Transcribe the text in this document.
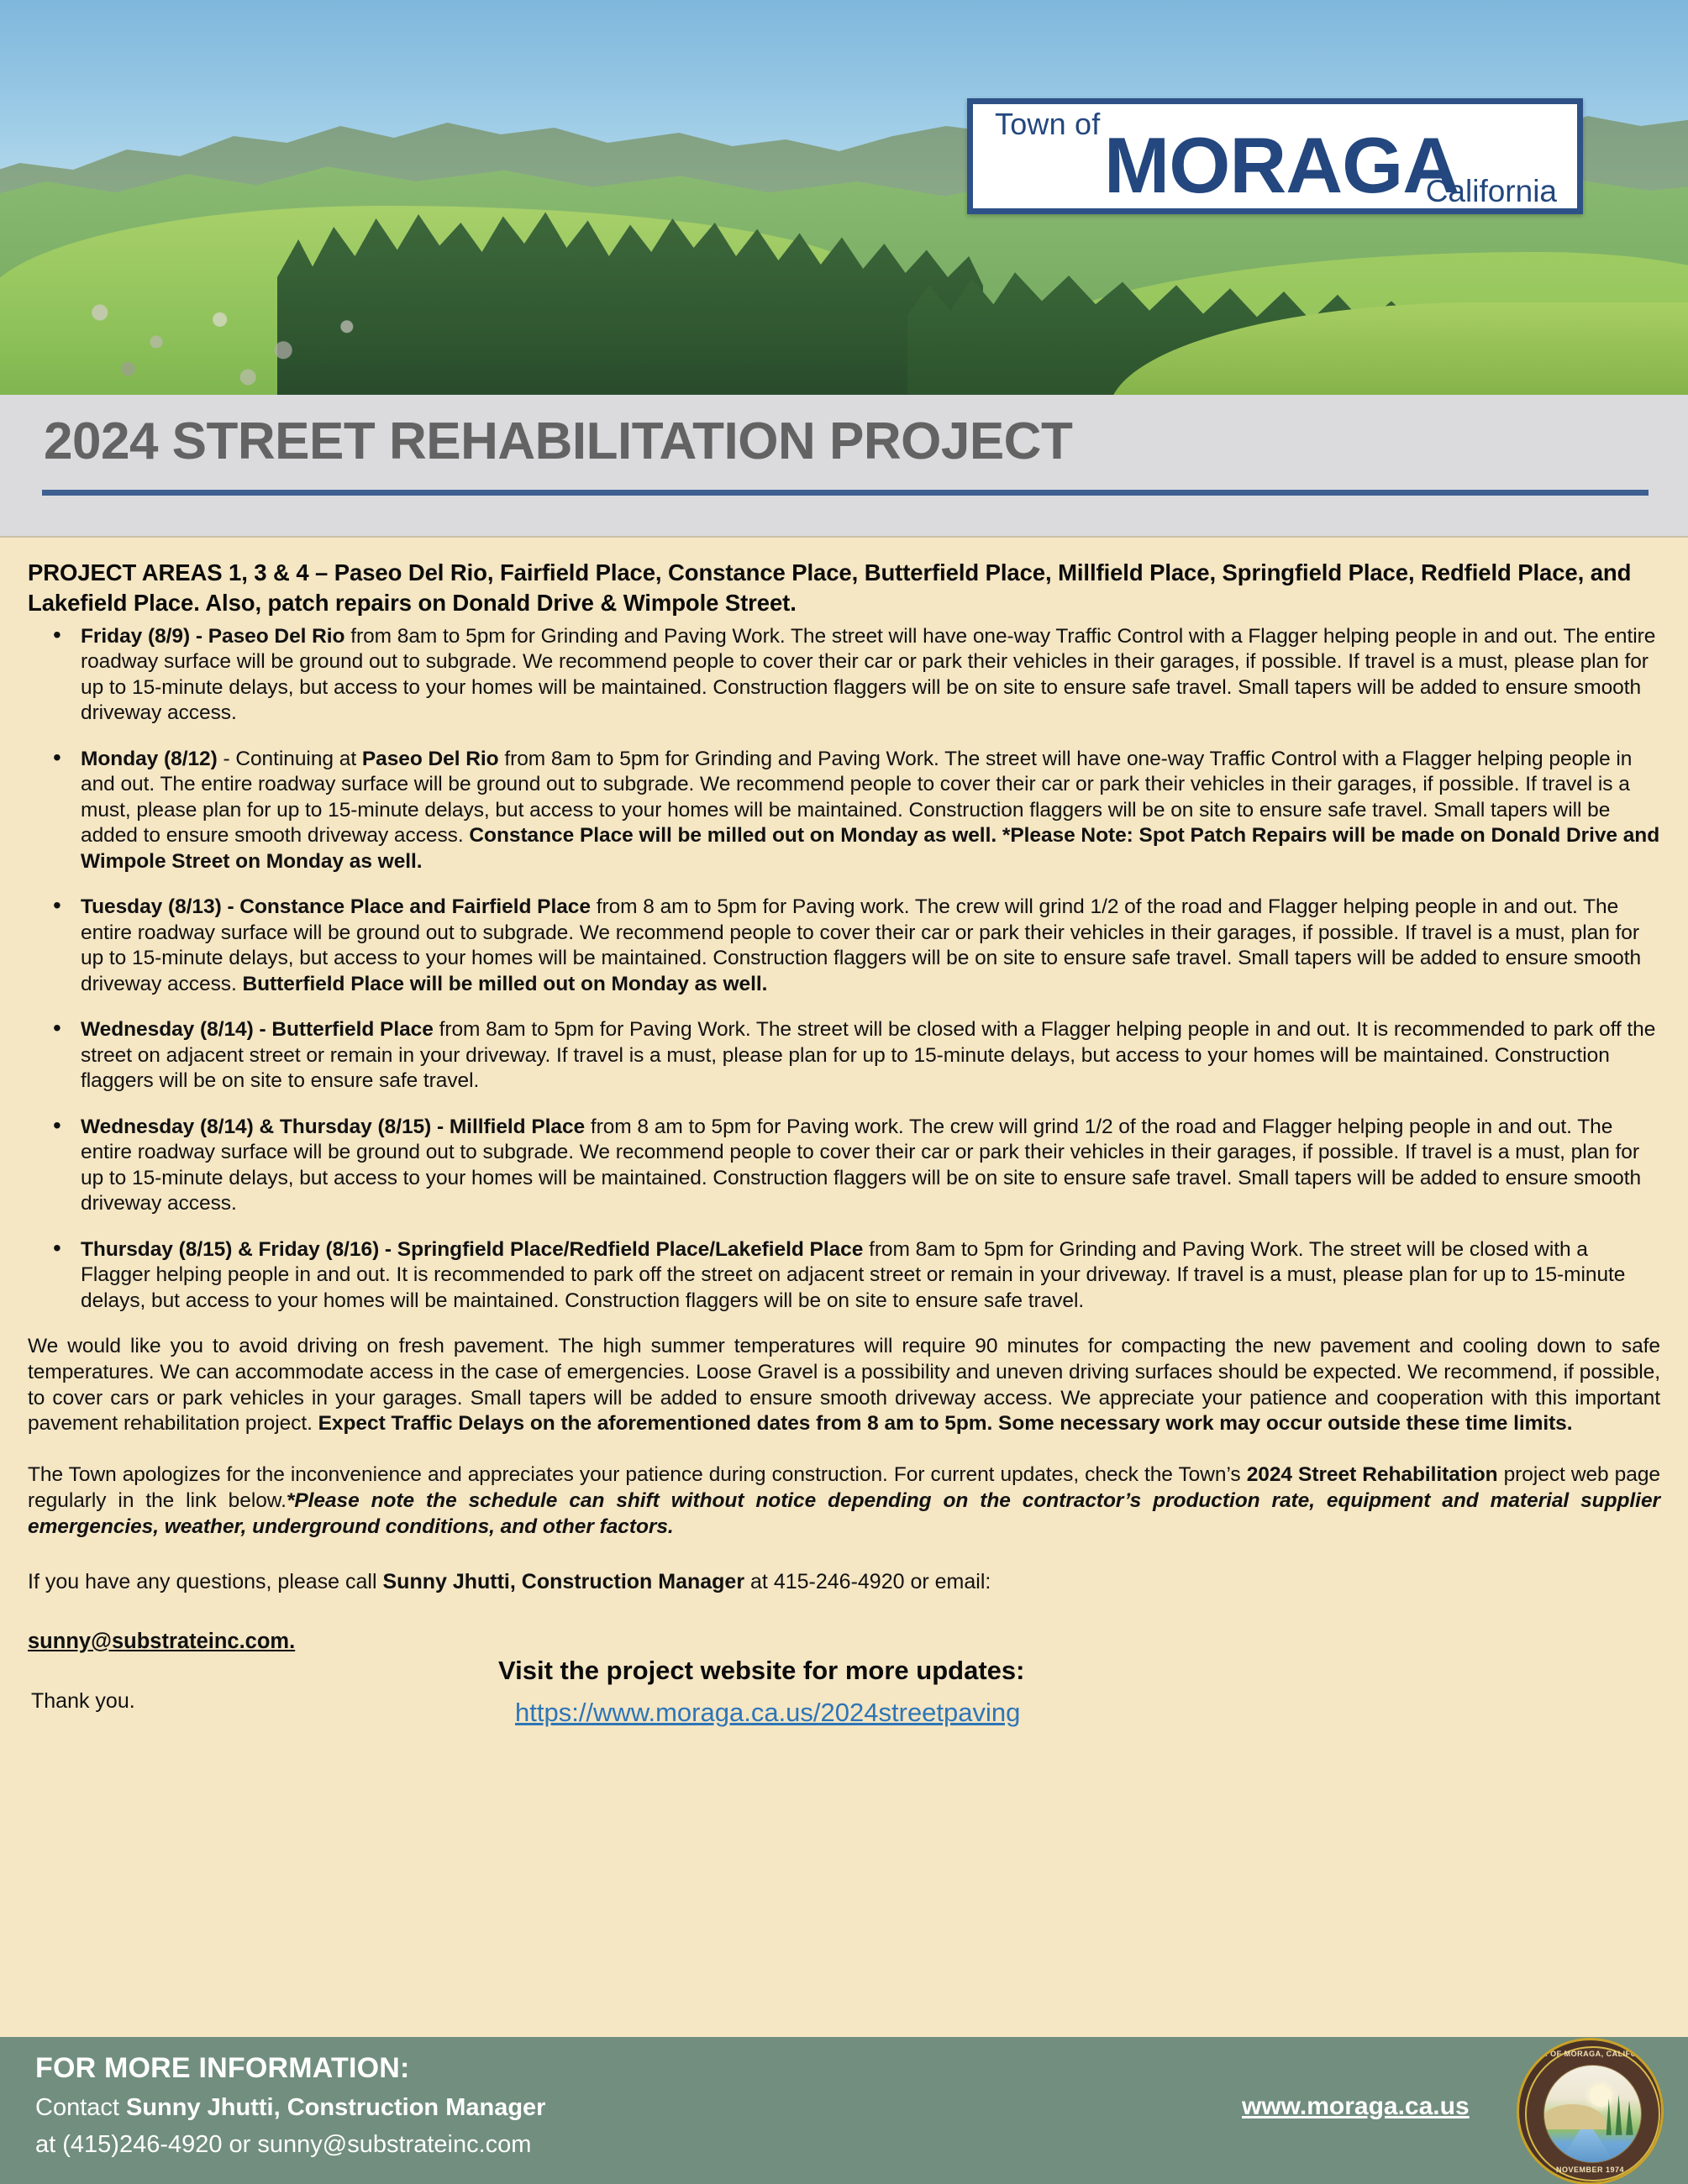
Town of MORAGA
California
2024 STREET REHABILITATION PROJECT

PROJECT AREAS 1, 3 & 4 – Paseo Del Rio, Fairfield Place, Constance Place, Butterfield Place, Millfield Place, Springfield Place, Redfield Place, and Lakefield Place. Also, patch repairs on Donald Drive & Wimpole Street.

• Friday (8/9) - Paseo Del Rio from 8am to 5pm for Grinding and Paving Work. The street will have one-way Traffic Control with a Flagger helping people in and out. The entire roadway surface will be ground out to subgrade. We recommend people to cover their car or park their vehicles in their garages, if possible. If travel is a must, please plan for up to 15-minute delays, but access to your homes will be maintained. Construction flaggers will be on site to ensure safe travel. Small tapers will be added to ensure smooth driveway access.
• Monday (8/12) - Continuing at Paseo Del Rio from 8am to 5pm for Grinding and Paving Work. The street will have one-way Traffic Control with a Flagger helping people in and out. The entire roadway surface will be ground out to subgrade. We recommend people to cover their car or park their vehicles in their garages, if possible. If travel is a must, please plan for up to 15-minute delays, but access to your homes will be maintained. Construction flaggers will be on site to ensure safe travel. Small tapers will be added to ensure smooth driveway access. Constance Place will be milled out on Monday as well. *Please Note: Spot Patch Repairs will be made on Donald Drive and Wimpole Street on Monday as well.
• Tuesday (8/13) - Constance Place and Fairfield Place from 8 am to 5pm for Paving work. The crew will grind 1/2 of the road and Flagger helping people in and out. The entire roadway surface will be ground out to subgrade. We recommend people to cover their car or park their vehicles in their garages, if possible. If travel is a must, plan for up to 15-minute delays, but access to your homes will be maintained. Construction flaggers will be on site to ensure safe travel. Small tapers will be added to ensure smooth driveway access. Butterfield Place will be milled out on Monday as well.
• Wednesday (8/14) - Butterfield Place from 8am to 5pm for Paving Work. The street will be closed with a Flagger helping people in and out. It is recommended to park off the street on adjacent street or remain in your driveway. If travel is a must, please plan for up to 15-minute delays, but access to your homes will be maintained. Construction flaggers will be on site to ensure safe travel.
• Wednesday (8/14) & Thursday (8/15) - Millfield Place from 8 am to 5pm for Paving work. The crew will grind 1/2 of the road and Flagger helping people in and out. The entire roadway surface will be ground out to subgrade. We recommend people to cover their car or park their vehicles in their garages, if possible. If travel is a must, plan for up to 15-minute delays, but access to your homes will be maintained. Construction flaggers will be on site to ensure safe travel. Small tapers will be added to ensure smooth driveway access.
• Thursday (8/15) & Friday (8/16) - Springfield Place/Redfield Place/Lakefield Place from 8am to 5pm for Grinding and Paving Work. The street will be closed with a Flagger helping people in and out. It is recommended to park off the street on adjacent street or remain in your driveway. If travel is a must, please plan for up to 15-minute delays, but access to your homes will be maintained. Construction flaggers will be on site to ensure safe travel.

We would like you to avoid driving on fresh pavement. The high summer temperatures will require 90 minutes for compacting the new pavement and cooling down to safe temperatures. We can accommodate access in the case of emergencies. Loose Gravel is a possibility and uneven driving surfaces should be expected. We recommend, if possible, to cover cars or park vehicles in your garages. Small tapers will be added to ensure smooth driveway access. We appreciate your patience and cooperation with this important pavement rehabilitation project. Expect Traffic Delays on the aforementioned dates from 8 am to 5pm. Some necessary work may occur outside these time limits.

The Town apologizes for the inconvenience and appreciates your patience during construction. For current updates, check the Town’s 2024 Street Rehabilitation project web page regularly in the link below.*Please note the schedule can shift without notice depending on the contractor’s production rate, equipment and material supplier emergencies, weather, underground conditions, and other factors.

If you have any questions, please call Sunny Jhutti, Construction Manager at 415-246-4920 or email:

sunny@substrateinc.com.
Thank you.
Visit the project website for more updates:
https://www.moraga.ca.us/2024streetpaving
FOR MORE INFORMATION:
Contact Sunny Jhutti, Construction Manager
at (415)246-4920 or sunny@substrateinc.com
www.moraga.ca.us
TOWN OF MORAGA, CALIFORNIA
NOVEMBER 1974
